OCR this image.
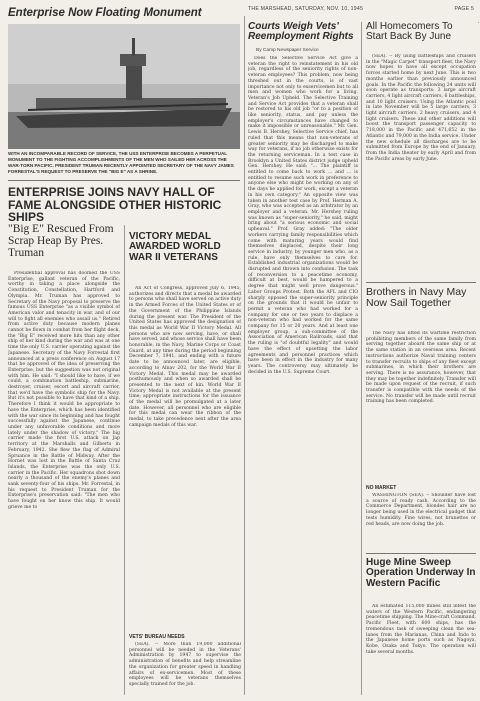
THE MARSHEAD, SATURDAY, NOV. 10, 1945	PAGE 5
Enterprise Now Floating Monument
WITH AN INCOMPARABLE RECORD OF SERVICE, THE USS ENTERPRISE BECOMES A PERPETUAL MONUMENT TO THE FIGHTING ACCOMPLISHMENTS OF THE MEN WHO SAILED HER ACROSS THE WAR-TORN PACIFIC. PRESIDENT TRUMAN RECENTLY APPOINTED SECRETARY OF THE NAVY JAMES FORRESTAL'S REQUEST TO PRESERVE THE "BIG E" AS A SHRINE.
ENTERPRISE JOINS NAVY HALL OF FAME ALONGSIDE OTHER HISTORIC SHIPS
"Big E" Rescued From Scrap Heap By Pres. Truman

Presidential approval has doomed the USS Enterprise, gallant veteran of the Pacific, worthy in taking a place alongside the Constitution, Constellation, Hartford and Olympia. Mr. Truman has approved to Secretary of the Navy proposal to preserve the famous USS Enterprise "as a visible symbol of American valor and tenacity in war, and of our will to fight all enemies who assail us." Retired from active duty because modern planes cannot be flown in combat from her flight deck, the "Big E" received more hits than any other ship of her kind during the war and was at one time the only U.S. carrier operating against the Japanese. Secretary of the Navy Forrestal first announced at a press conference on August 17 that he approved of the idea of preserving the Enterprise, but the suggestion was not original with him. He said: "I should like to have, if we could, a combination battleship, submarine, destroyer, cruiser, escort and aircraft carrier, that we'd have the symbolic ship for the Navy. But it's not possible to have that kind of a ship. Therefore I think it would be appropriate to have the Enterprise, which has been identified with the war since its beginning and has fought successfully against the Japanese, continue under any unfavorable conditions and more lately under the shadow of victory." The big carrier made the first U.S. attack on Jap territory at the Marshalls and Gilberts in February, 1942. She flew the flag of Admiral Spruance in the Battle of Midway. After the Hornet was lost in the Battle of Santa Cruz Islands, the Enterprise was the only U.S. carrier in the Pacific. Her squadrons shot down nearly a thousand of the enemy's planes and sank seventy-four of his ships. Mr. Forrestal, in his request to President Truman for the Enterprise's preservation said: "The men who have fought on her know this ship. It would grieve me to

VICTORY MEDAL AWARDED WORLD WAR II VETERANS

An Act of Congress, approved July 6, 1945, authorizes and directs that a medal be awarded to persons who shall have served on active duty in the Armed Forces of the United States or of the Government of the Philippine Islands during the present war. The President of the United States has approved the designation of this medal as World War II Victory Medal. All persons who are now serving, have, or shall have served, and whose service shall have been honorable, in the Navy, Marine Corps or Coast Guard, at any time during the period beginning December 7, 1941, and ending with a future date to be announced later, are eligible, according to Alnav 202, for the World War II Victory Medal. This medal may be awarded posthumously and when so awarded shall be presented to the next of kin. World War II Victory Medal is not available at the present time; appropriate instructions for the issuance of the medal will be promulgated at a later date. However, all personnel who are eligible for this medal can wear the ribbon of the medal, to take precedence next after the area campaign medals of this war.

VETS' BUREAU NEEDS

(SEA). -- More than 19,000 additional personnel will be needed in the Veterans' Administration by 1947 to supervise the administration of benefits and help streamline the organization for greater speed in handling affairs of ex-servicemen. Most of these employees will be veterans themselves specially trained for the job.

Courts Weigh Vets' Reemployment Rights
By Camp Newspaper Service

Does the Selective Service Act give a veteran the right to reinstatement in his old job, regardless of the seniority rights of non-veteran employees? This problem, now being threshed out in the courts, is of vast importance not only to exservicemen but to all men and women who work for a living. Veteran's Job Upheld. The Selective Training and Service Act provides that a veteran shall be restored to his old job "or to a position of like seniority, status, and pay unless the employer's circumstances have changed to make it impossible or unreasonable." Mr. Gen. Lewis B. Hershey, Selective Service chief, has ruled that this means that non-veterans of greater seniority may be discharged to make way for veterans, if no job otherwise exists for the returning serviceman. In a test case in Brooklyn a United States district judge upheld Gen. Hershey. He said: "... The plaintiff is entitled to come back to work ... and ... is entitled to resume such work in preference to anyone else who might be working on any of the days he applied for work, except a veteran in his own category." An opposite view was taken in another test case by Prof. Herman A. Gray, who was accepted as an arbitrator by an employer and a veteran. Mr. Hershey ruling was known as "super-seniority," he said, might bring about "a serious economic and social upheaval." Prof. Gray added: "The older workers carrying family responsibilities which come with maturing years would find themselves displaced, despite their long service in industry, by younger men who, as a rule, have only themselves to care for. Established industrial organizations would be disrupted and thrown into confusion. The task of reconversion to a peacetime economy, difficult at best, would be hampered to a degree that might well prove dangerous." Labor Groups Protest. Both the AFL and CIO sharply opposed the super-seniority principle on the grounds that it would be unfair to permit a veteran who had worked for a company for one or two years to displace a non-veteran who had worked for the same company for 15 or 20 years. And at least one employer group, a sub-committee of the Association of American Railroads, said that the ruling is "of doubtful legality" and would have the effect of upsetting the labor agreements and personnel practices which have been in effect in the industry for many years. The controversy may ultimately be decided in the U.S. Supreme Court.

All Homecomers To Start Back By June

(SEA). -- By using battleships and cruisers in the "Magic Carpet" transport fleet, the Navy now hopes to have all except occupation forces started home by next June. This is two months earlier than previously announced goals. In the Pacific the following 24 units will soon operate as transports: 3 large aircraft carriers, 4 light aircraft carriers, 6 battleships, and 10 light cruisers. Using the Atlantic pool in late November will be 5 large carriers, 3 light aircraft carriers, 2 heavy cruisers, and 4 light cruisers. These and other additions will boost the transport passenger capacity to 718,000 in the Pacific and 471,652 in the Atlantic and 79,000 in the India service. Under the new schedule all discharges are to be submitted from Europe by the end of January, from the India theater by early April and from the Pacific areas by early June.

Brothers in Navy May Now Sail Together

The Navy has lifted its wartime restriction prohibiting members of the same family from serving together aboard the same ship or at the same station in an overseas area. Recent instructions authorize Naval training centers to transfer recruits to ships of any fleet except submarines, in which their brothers are serving. There is no assurance, however, that they may be together indefinitely. Transfer will be made upon request of the recruit, if such transfer is compatible with the needs of the service. No transfer will be made until recruit training has been completed.

NO MARKET

WASHINGTON (SEA). -- Shoulder have lost a source of ready cash. According to the Commerce Department, blondes hair are no longer being used in the electrical gadget that tests humidity. Fine wires, not brunettes or red heads, are now doing the job.

Huge Mine Sweep Operation Underway In Western Pacific

An estimated 115,000 mines still infest the waters of the Western Pacific, endangering peacetime shipping. The Mine-craft Command, Pacific Fleet, with 600 ships, has the tremendous task of sweeping clean the sea-lanes from the Marianas, China and Indo to the Japanese home ports such as Nagoya, Kobe, Osaka and Tokyo. The operation will take several months.
